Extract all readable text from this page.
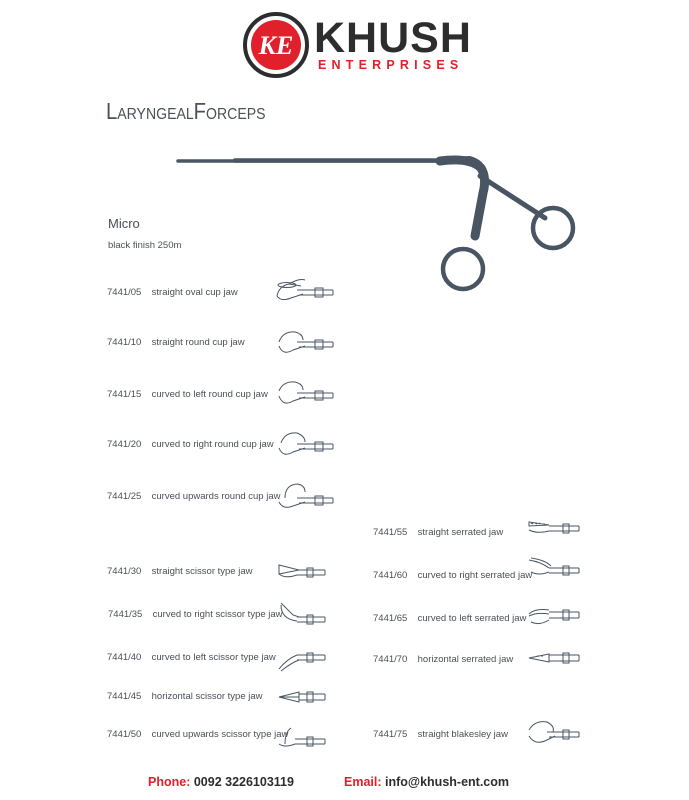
KE KHUSH
ENTERPRISES
LaryngealForceps
Micro
black finish 250m
7441/05 straight oval cup jaw
7441/10 straight round cup jaw
7441/15 curved to left round cup jaw
7441/20 curved to right round cup jaw
7441/25 curved upwards round cup jaw
7441/30 straight scissor type jaw
7441/35 curved to right scissor type jaw
7441/40 curved to left scissor type jaw
7441/45 horizontal scissor type jaw
7441/50 curved upwards scissor type jaw
7441/55 straight serrated jaw
7441/60 curved to right serrated jaw
7441/65 curved to left serrated jaw
7441/70 horizontal serrated jaw
7441/75 straight blakesley jaw
Phone: 0092 3226103119	Email: info@khush-ent.com
